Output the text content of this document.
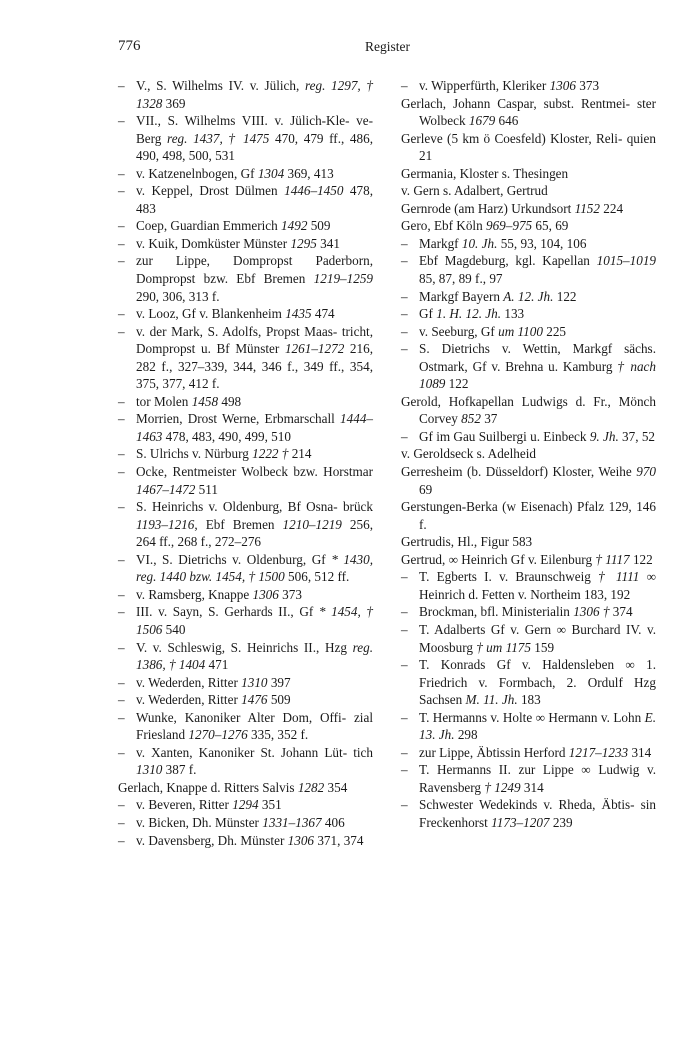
776	Register
– V., S. Wilhelms IV. v. Jülich, reg. 1297, † 1328 369
– VII., S. Wilhelms VIII. v. Jülich-Kle- ve-Berg reg. 1437, † 1475 470, 479 ff., 486, 490, 498, 500, 531
– v. Katzenelnbogen, Gf 1304 369, 413
– v. Keppel, Drost Dülmen 1446–1450 478, 483
– Coep, Guardian Emmerich 1492 509
– v. Kuik, Domküster Münster 1295 341
– zur Lippe, Dompropst Paderborn, Dompropst bzw. Ebf Bremen 1219–1259 290, 306, 313 f.
– v. Looz, Gf v. Blankenheim 1435 474
– v. der Mark, S. Adolfs, Propst Maas- tricht, Dompropst u. Bf Münster 1261–1272 216, 282 f., 327–339, 344, 346 f., 349 ff., 354, 375, 377, 412 f.
– tor Molen 1458 498
– Morrien, Drost Werne, Erbmarschall 1444–1463 478, 483, 490, 499, 510
– S. Ulrichs v. Nürburg 1222 † 214
– Ocke, Rentmeister Wolbeck bzw. Horstmar 1467–1472 511
– S. Heinrichs v. Oldenburg, Bf Osna- brück 1193–1216, Ebf Bremen 1210–1219 256, 264 ff., 268 f., 272–276
– VI., S. Dietrichs v. Oldenburg, Gf * 1430, reg. 1440 bzw. 1454, † 1500 506, 512 ff.
– v. Ramsberg, Knappe 1306 373
– III. v. Sayn, S. Gerhards II., Gf * 1454, † 1506 540
– V. v. Schleswig, S. Heinrichs II., Hzg reg. 1386, † 1404 471
– v. Wederden, Ritter 1310 397
– v. Wederden, Ritter 1476 509
– Wunke, Kanoniker Alter Dom, Offi- zial Friesland 1270–1276 335, 352 f.
– v. Xanten, Kanoniker St. Johann Lüt- tich 1310 387 f.
Gerlach, Knappe d. Ritters Salvis 1282 354
– v. Beveren, Ritter 1294 351
– v. Bicken, Dh. Münster 1331–1367 406
– v. Davensberg, Dh. Münster 1306 371, 374
– v. Wipperfürth, Kleriker 1306 373
Gerlach, Johann Caspar, subst. Rentmei- ster Wolbeck 1679 646
Gerleve (5 km ö Coesfeld) Kloster, Reli- quien 21
Germania, Kloster s. Thesingen
v. Gern s. Adalbert, Gertrud
Gernrode (am Harz) Urkundsort 1152 224
Gero, Ebf Köln 969–975 65, 69
– Markgf 10. Jh. 55, 93, 104, 106
– Ebf Magdeburg, kgl. Kapellan 1015–1019 85, 87, 89 f., 97
– Markgf Bayern A. 12. Jh. 122
– Gf 1. H. 12. Jh. 133
– v. Seeburg, Gf um 1100 225
– S. Dietrichs v. Wettin, Markgf sächs. Ostmark, Gf v. Brehna u. Kamburg † nach 1089 122
Gerold, Hofkapellan Ludwigs d. Fr., Mönch Corvey 852 37
– Gf im Gau Suilbergi u. Einbeck 9. Jh. 37, 52
v. Geroldseck s. Adelheid
Gerresheim (b. Düsseldorf) Kloster, Weihe 970 69
Gerstungen-Berka (w Eisenach) Pfalz 129, 146 f.
Gertrudis, Hl., Figur 583
Gertrud, ∞ Heinrich Gf v. Eilenburg † 1117 122
– T. Egberts I. v. Braunschweig † 1111 ∞ Heinrich d. Fetten v. Northeim 183, 192
– Brockman, bfl. Ministerialin 1306 † 374
– T. Adalberts Gf v. Gern ∞ Burchard IV. v. Moosburg † um 1175 159
– T. Konrads Gf v. Haldensleben ∞ 1. Friedrich v. Formbach, 2. Ordulf Hzg Sachsen M. 11. Jh. 183
– T. Hermanns v. Holte ∞ Hermann v. Lohn E. 13. Jh. 298
– zur Lippe, Äbtissin Herford 1217–1233 314
– T. Hermanns II. zur Lippe ∞ Ludwig v. Ravensberg † 1249 314
– Schwester Wedekinds v. Rheda, Äbtis- sin Freckenhorst 1173–1207 239
